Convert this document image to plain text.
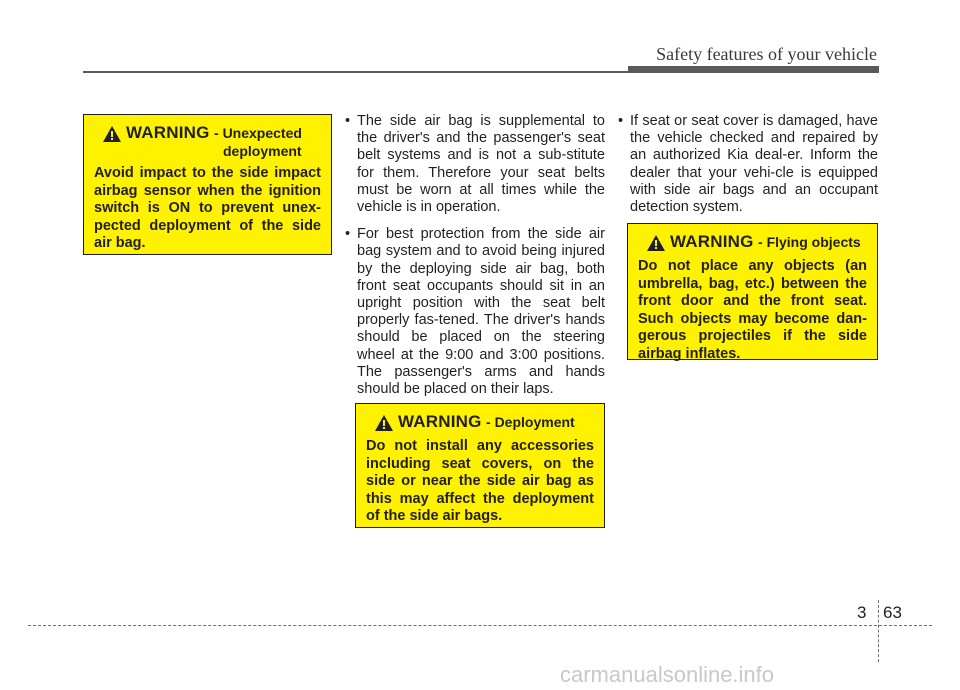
Safety features of your vehicle
WARNING - Unexpected
deployment
Avoid impact to the side impact airbag sensor when the ignition switch is ON to prevent unex-pected deployment of the side air bag.
• The side air bag is supplemental to the driver's and the passenger's seat belt systems and is not a sub-stitute for them. Therefore your seat belts must be worn at all times while the vehicle is in operation.
• For best protection from the side air bag system and to avoid being injured by the deploying side air bag, both front seat occupants should sit in an upright position with the seat belt properly fas-tened. The driver's hands should be placed on the steering wheel at the 9:00 and 3:00 positions. The passenger's arms and hands should be placed on their laps.
WARNING - Deployment
Do not install any accessories including seat covers, on the side or near the side air bag as this may affect the deployment of the side air bags.
• If seat or seat cover is damaged, have the vehicle checked and repaired by an authorized Kia deal-er. Inform the dealer that your vehi-cle is equipped with side air bags and an occupant detection system.
WARNING - Flying objects
Do not place any objects (an umbrella, bag, etc.) between the front door and the front seat. Such objects may become dan-gerous projectiles if the side airbag inflates.
3 63
carmanualsonline.info
